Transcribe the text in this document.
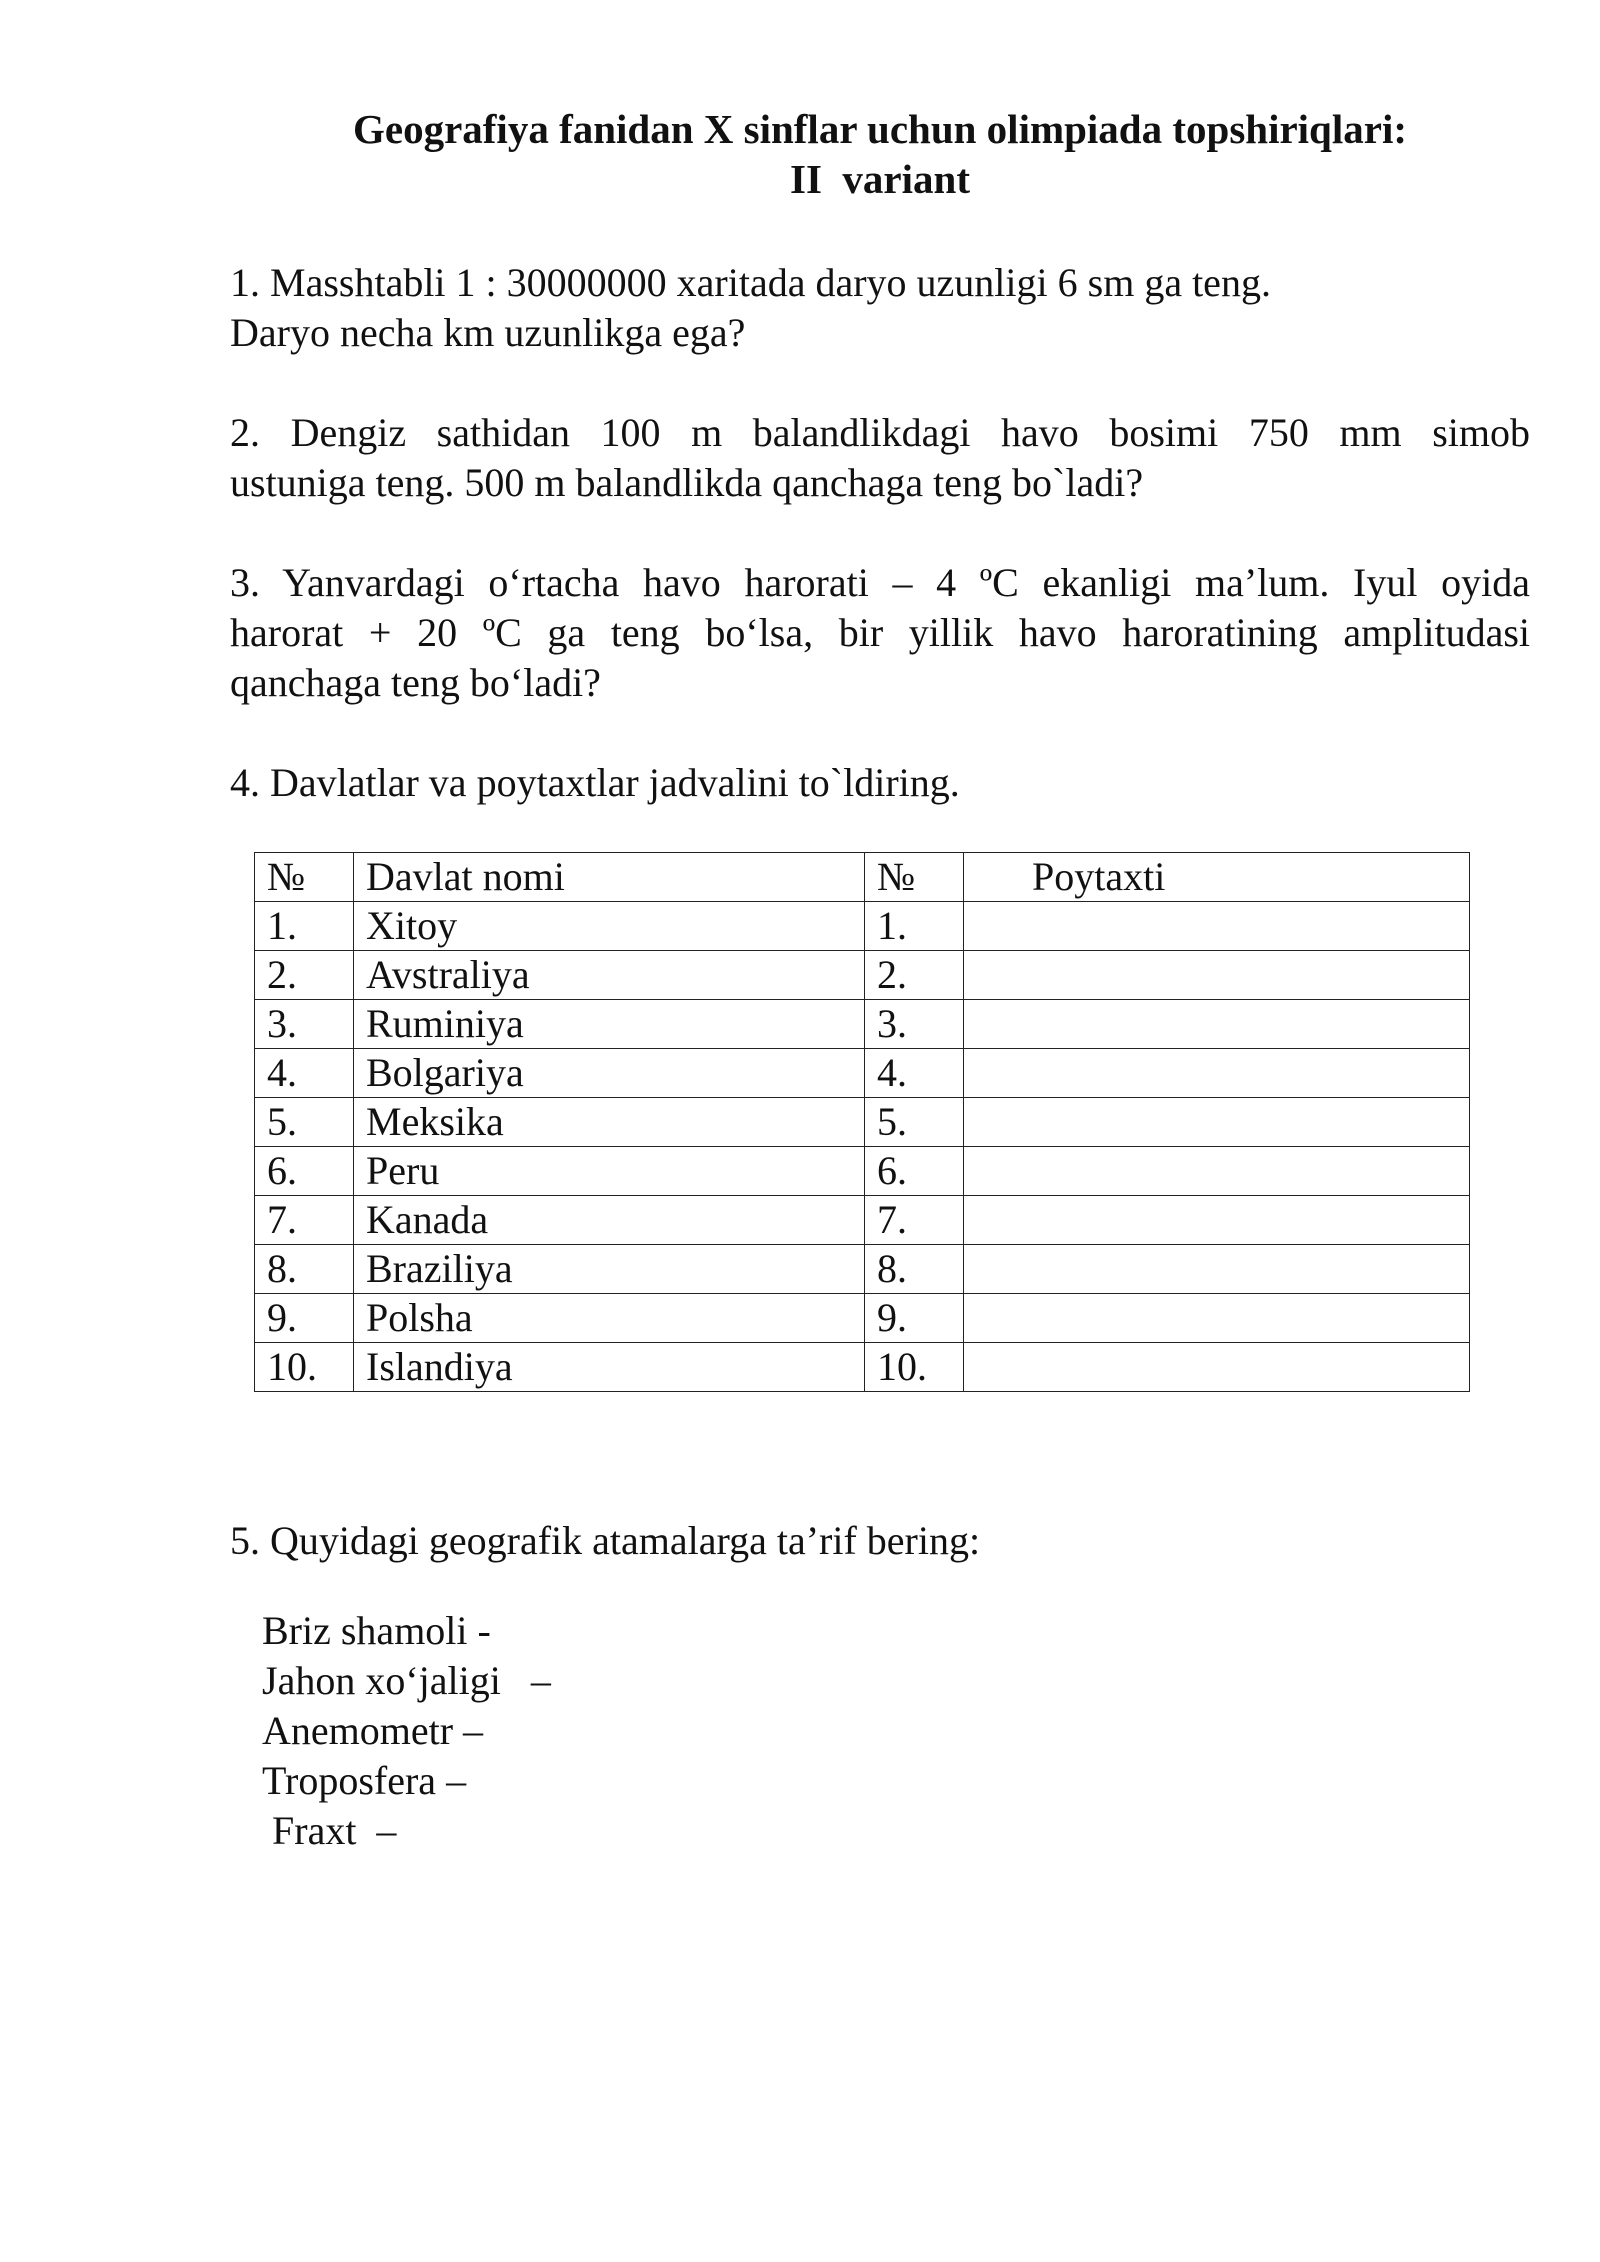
Geografiya fanidan X sinflar uchun olimpiada topshiriqlari:
II  variant
1. Masshtabli 1 : 30000000 xaritada daryo uzunligi 6 sm ga teng.
Daryo necha km uzunlikga ega?
2. Dengiz sathidan 100 m balandlikdagi havo bosimi 750 mm simob
ustuniga teng. 500 m balandlikda qanchaga teng bo`ladi?
3. Yanvardagi o‘rtacha havo harorati – 4 ºC ekanligi ma’lum. Iyul oyida
harorat + 20 ºC ga teng bo‘lsa, bir yillik havo haroratining amplitudasi
qanchaga teng bo‘ladi?
4. Davlatlar va poytaxtlar jadvalini to`ldiring.
№	Davlat nomi	№	Poytaxti
1.	Xitoy	1.	
2.	Avstraliya	2.	
3.	Ruminiya	3.	
4.	Bolgariya	4.	
5.	Meksika	5.	
6.	Peru	6.	
7.	Kanada	7.	
8.	Braziliya	8.	
9.	Polsha	9.	
10.	Islandiya	10.	
5. Quyidagi geografik atamalarga ta’rif bering:
Briz shamoli -
Jahon xo‘jaligi   –
Anemometr –
Troposfera –
Fraxt  –
